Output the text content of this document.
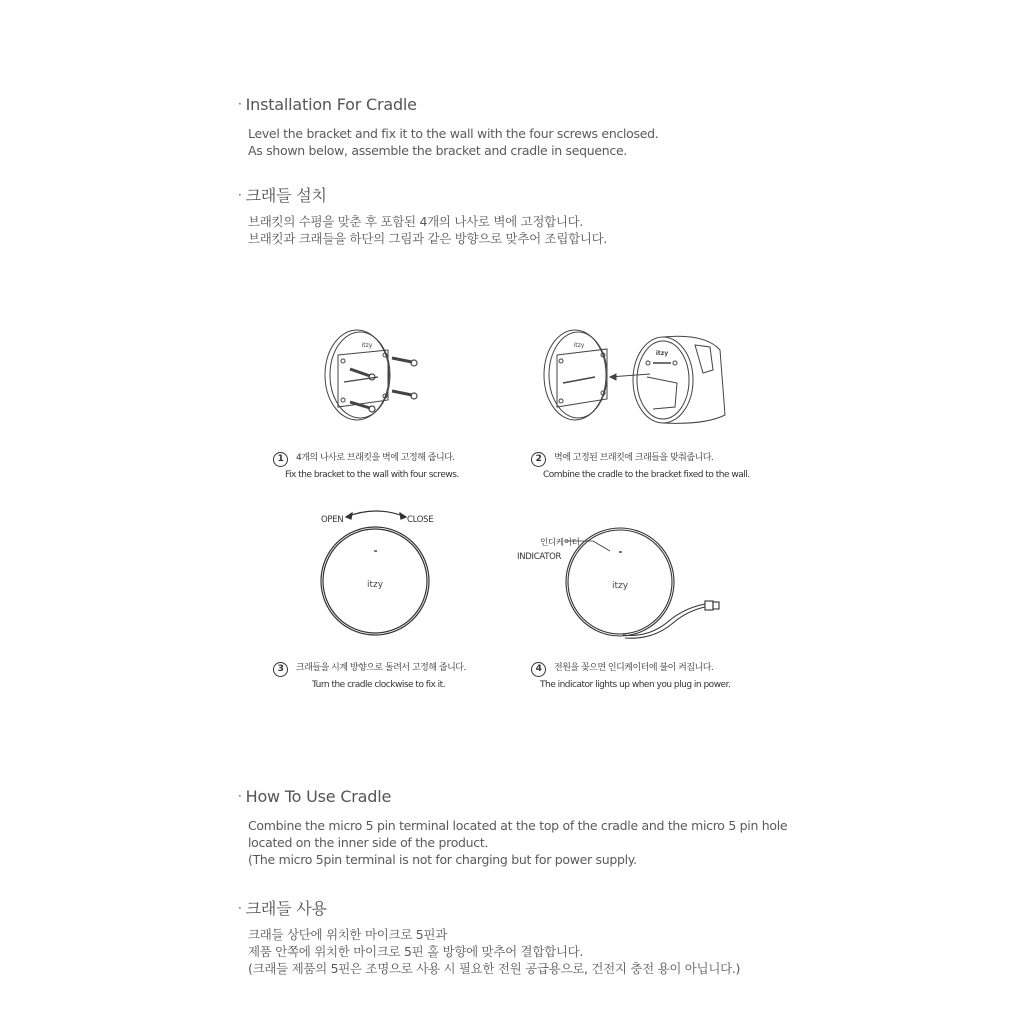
· Installation For Cradle
Level the bracket and fix it to the wall with the four screws enclosed.
As shown below, assemble the bracket and cradle in sequence.
· 크래들 설치
브래킷의 수평을 맞춘 후 포함된 4개의 나사로 벽에 고정합니다.
브래킷과 크래들을 하단의 그림과 같은 방향으로 맞추어 조립합니다.
itzy	itzy
itzy
1 4개의 나사로 브래킷을 벽에 고정해 줍니다.
Fix the bracket to the wall with four screws.
2 벽에 고정된 브래킷에 크래들을 맞춰줍니다.
Combine the cradle to the bracket fixed to the wall.
OPEN	CLOSE
itzy
인디케이터
INDICATOR
itzy
3 크래들을 시계 방향으로 돌려서 고정해 줍니다.
Turn the cradle clockwise to fix it.
4 전원을 꽂으면 인디케이터에 불이 켜집니다.
The indicator lights up when you plug in power.
· How To Use Cradle
Combine the micro 5 pin terminal located at the top of the cradle and the micro 5 pin hole
located on the inner side of the product.
(The micro 5pin terminal is not for charging but for power supply.
· 크래들 사용
크래들 상단에 위치한 마이크로 5핀과
제품 안쪽에 위치한 마이크로 5핀 홀 방향에 맞추어 결합합니다.
(크래들 제품의 5핀은 조명으로 사용 시 필요한 전원 공급용으로, 건전지 충전 용이 아닙니다.)
